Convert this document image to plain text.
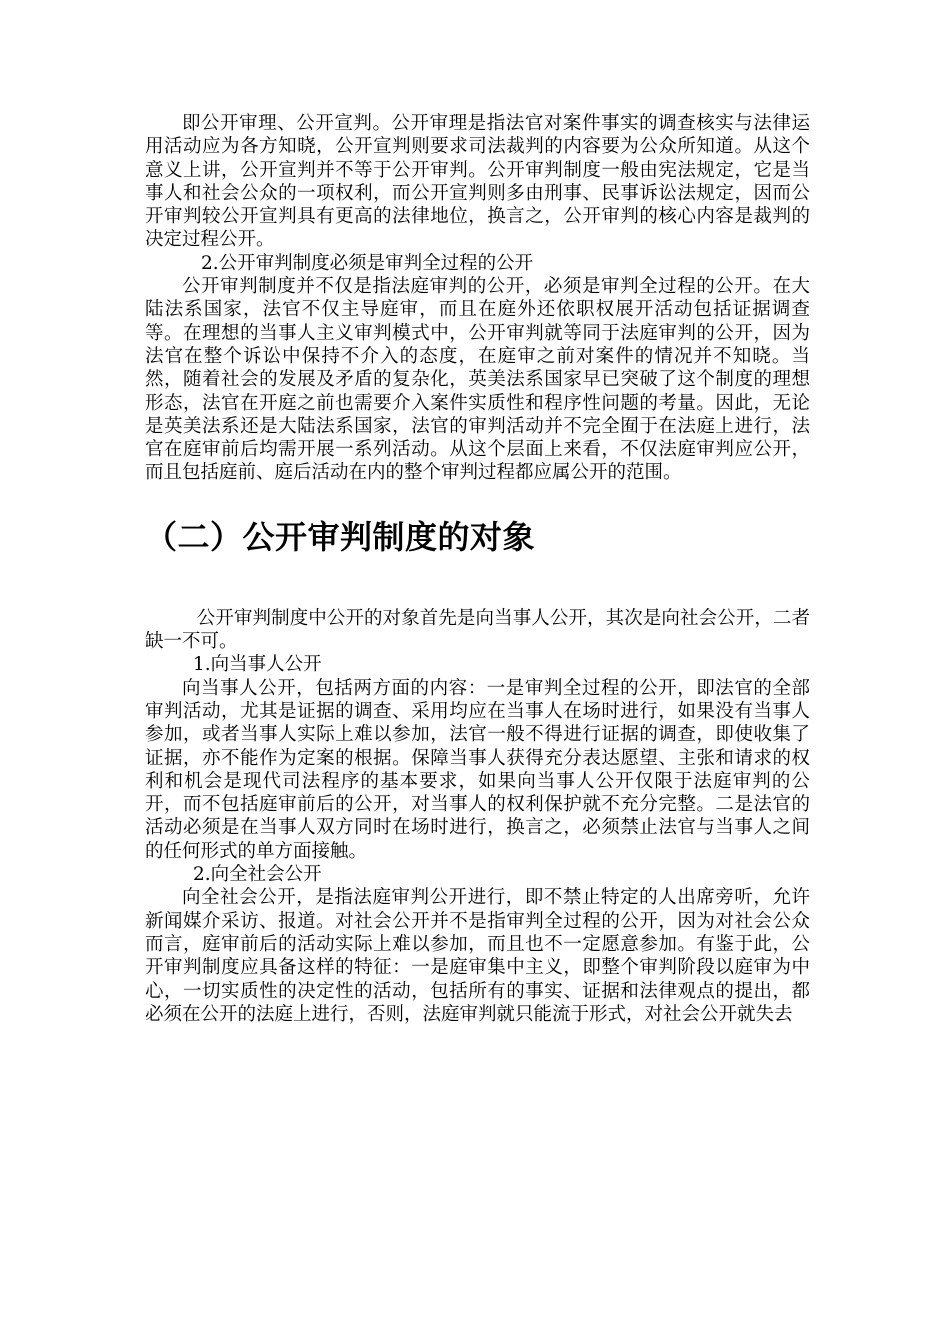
即公开审理、公开宣判。公开审理是指法官对案件事实的调查核实与法律运用活动应为各方知晓，公开宣判则要求司法裁判的内容要为公众所知道。从这个意义上讲，公开宣判并不等于公开审判。公开审判制度一般由宪法规定，它是当事人和社会公众的一项权利，而公开宣判则多由刑事、民事诉讼法规定，因而公开审判较公开宣判具有更高的法律地位，换言之，公开审判的核心内容是裁判的决定过程公开。

2.公开审判制度必须是审判全过程的公开

公开审判制度并不仅是指法庭审判的公开，必须是审判全过程的公开。在大陆法系国家，法官不仅主导庭审，而且在庭外还依职权展开活动包括证据调查等。在理想的当事人主义审判模式中，公开审判就等同于法庭审判的公开，因为法官在整个诉讼中保持不介入的态度，在庭审之前对案件的情况并不知晓。当然，随着社会的发展及矛盾的复杂化，英美法系国家早已突破了这个制度的理想形态，法官在开庭之前也需要介入案件实质性和程序性问题的考量。因此，无论是英美法系还是大陆法系国家，法官的审判活动并不完全囿于在法庭上进行，法官在庭审前后均需开展一系列活动。从这个层面上来看，不仅法庭审判应公开，而且包括庭前、庭后活动在内的整个审判过程都应属公开的范围。

（二）公开审判制度的对象

公开审判制度中公开的对象首先是向当事人公开，其次是向社会公开，二者缺一不可。

1.向当事人公开

向当事人公开，包括两方面的内容：一是审判全过程的公开，即法官的全部审判活动，尤其是证据的调查、采用均应在当事人在场时进行，如果没有当事人参加，或者当事人实际上难以参加，法官一般不得进行证据的调查，即使收集了证据，亦不能作为定案的根据。保障当事人获得充分表达愿望、主张和请求的权利和机会是现代司法程序的基本要求，如果向当事人公开仅限于法庭审判的公开，而不包括庭审前后的公开，对当事人的权利保护就不充分完整。二是法官的活动必须是在当事人双方同时在场时进行，换言之，必须禁止法官与当事人之间的任何形式的单方面接触。

2.向全社会公开

向全社会公开，是指法庭审判公开进行，即不禁止特定的人出席旁听，允许新闻媒介采访、报道。对社会公开并不是指审判全过程的公开，因为对社会公众而言，庭审前后的活动实际上难以参加，而且也不一定愿意参加。有鉴于此，公开审判制度应具备这样的特征：一是庭审集中主义，即整个审判阶段以庭审为中心，一切实质性的决定性的活动，包括所有的事实、证据和法律观点的提出，都必须在公开的法庭上进行，否则，法庭审判就只能流于形式，对社会公开就失去
